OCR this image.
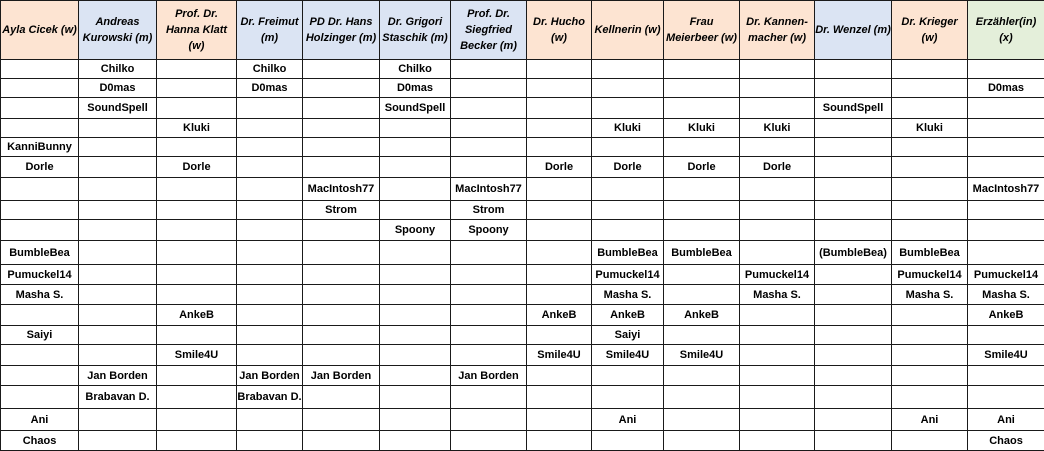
Ayla Cicek (w)	Andreas Kurowski (m)	Prof. Dr. Hanna Klatt (w)	Dr. Freimut (m)	PD Dr. Hans Holzinger (m)	Dr. Grigori Staschik (m)	Prof. Dr. Siegfried Becker (m)	Dr. Hucho (w)	Kellnerin (w)	Frau Meierbeer (w)	Dr. Kannen-macher (w)	Dr. Wenzel (m)	Dr. Krieger (w)	Erzähler(in) (x)
	Chilko		Chilko		Chilko								
	D0mas		D0mas		D0mas								D0mas
	SoundSpell				SoundSpell						SoundSpell		
		Kluki						Kluki	Kluki	Kluki		Kluki	
KanniBunny													
Dorle		Dorle					Dorle	Dorle	Dorle	Dorle			
				MacIntosh77		MacIntosh77							MacIntosh77
				Strom		Strom							
					Spoony	Spoony							
BumbleBea								BumbleBea	BumbleBea		(BumbleBea)	BumbleBea	
Pumuckel14								Pumuckel14		Pumuckel14		Pumuckel14	Pumuckel14
Masha S.								Masha S.		Masha S.		Masha S.	Masha S.
		AnkeB					AnkeB	AnkeB	AnkeB				AnkeB
Saiyi								Saiyi					
		Smile4U					Smile4U	Smile4U	Smile4U				Smile4U
	Jan Borden		Jan Borden	Jan Borden		Jan Borden							
	Brabavan D.		Brabavan D.										
Ani								Ani				Ani	Ani
Chaos													Chaos
